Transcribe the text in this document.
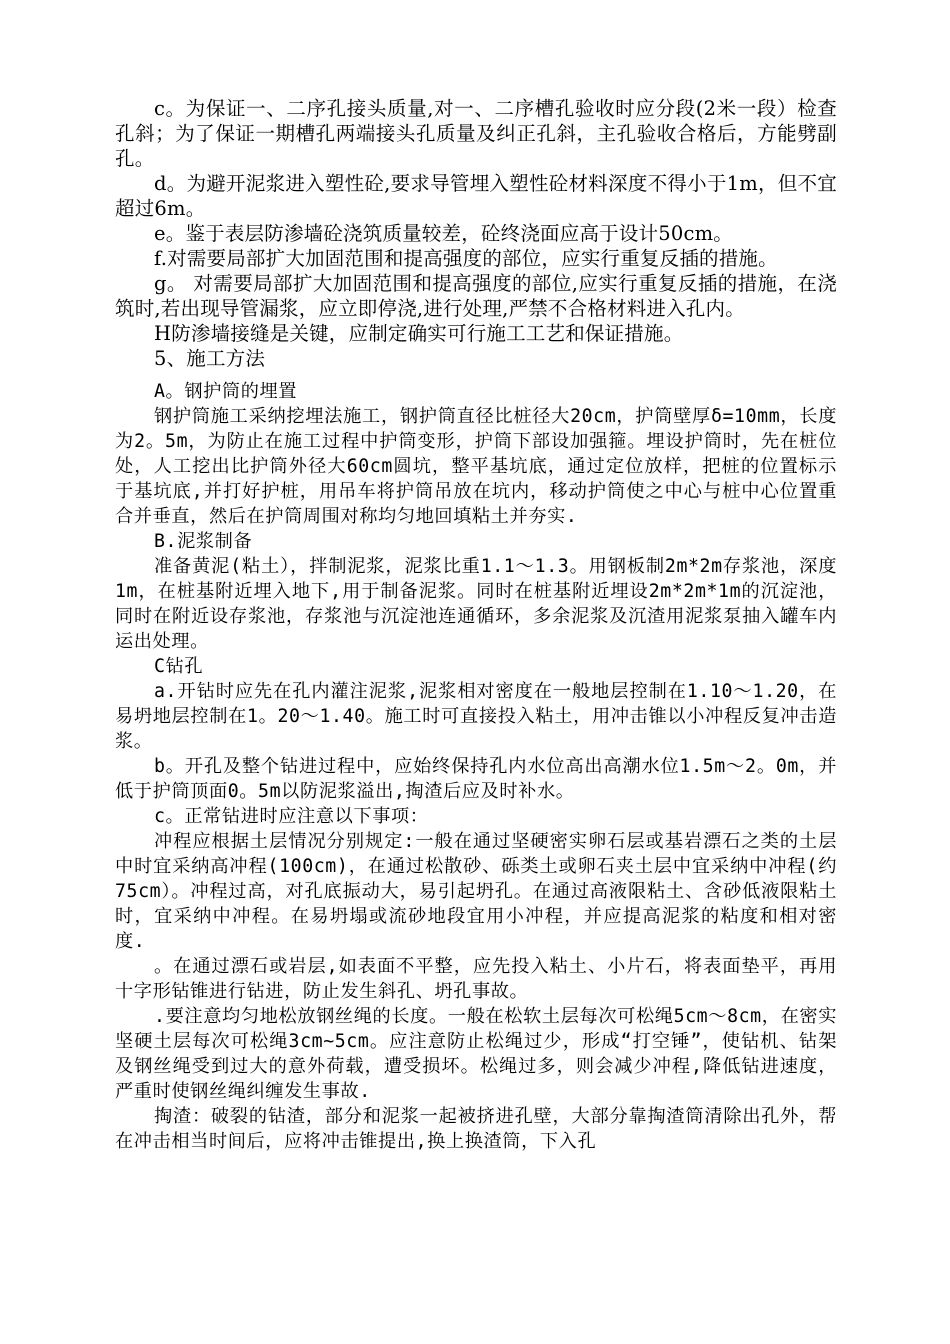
c。为保证一、二序孔接头质量,对一、二序槽孔验收时应分段(2米一段）检查孔斜；为了保证一期槽孔两端接头孔质量及纠正孔斜，主孔验收合格后，方能劈副孔。

d。为避开泥浆进入塑性砼,要求导管埋入塑性砼材料深度不得小于1m，但不宜超过6m。

e。鉴于表层防渗墙砼浇筑质量较差，砼终浇面应高于设计50cm。

f.对需要局部扩大加固范围和提高强度的部位，应实行重复反插的措施。

g。 对需要局部扩大加固范围和提高强度的部位,应实行重复反插的措施，在浇筑时,若出现导管漏浆，应立即停浇,进行处理,严禁不合格材料进入孔内。

H防渗墙接缝是关键，应制定确实可行施工工艺和保证措施。

5、施工方法

A。钢护筒的埋置

钢护筒施工采纳挖埋法施工，钢护筒直径比桩径大20cm，护筒壁厚δ=10mm，长度为2。5m，为防止在施工过程中护筒变形，护筒下部设加强箍。埋设护筒时，先在桩位处，人工挖出比护筒外径大60cm圆坑，整平基坑底，通过定位放样，把桩的位置标示于基坑底,并打好护桩，用吊车将护筒吊放在坑内，移动护筒使之中心与桩中心位置重合并垂直，然后在护筒周围对称均匀地回填粘土并夯实.

B.泥浆制备

准备黄泥(粘土），拌制泥浆，泥浆比重1.1～1.3。用钢板制2m*2m存浆池，深度1m，在桩基附近埋入地下,用于制备泥浆。同时在桩基附近埋设2m*2m*1m的沉淀池，同时在附近设存浆池，存浆池与沉淀池连通循环，多余泥浆及沉渣用泥浆泵抽入罐车内运出处理。

C钻孔

a.开钻时应先在孔内灌注泥浆,泥浆相对密度在一般地层控制在1.10～1.20，在易坍地层控制在1。20～1.40。施工时可直接投入粘土，用冲击锥以小冲程反复冲击造浆。

b。开孔及整个钻进过程中，应始终保持孔内水位高出高潮水位1.5m～2。0m，并低于护筒顶面0。5m以防泥浆溢出,掏渣后应及时补水。

c。正常钻进时应注意以下事项：

冲程应根据土层情况分别规定:一般在通过坚硬密实卵石层或基岩漂石之类的土层中时宜采纳高冲程(100cm)，在通过松散砂、砾类土或卵石夹土层中宜采纳中冲程(约75cm）。冲程过高，对孔底振动大，易引起坍孔。在通过高液限粘土、含砂低液限粘土时，宜采纳中冲程。在易坍塌或流砂地段宜用小冲程，并应提高泥浆的粘度和相对密度.

。在通过漂石或岩层,如表面不平整，应先投入粘土、小片石，将表面垫平，再用十字形钻锥进行钻进，防止发生斜孔、坍孔事故。

.要注意均匀地松放钢丝绳的长度。一般在松软土层每次可松绳5cm～8cm，在密实坚硬土层每次可松绳3cm~5cm。应注意防止松绳过少，形成“打空锤”，使钻机、钻架及钢丝绳受到过大的意外荷载，遭受损坏。松绳过多，则会减少冲程,降低钻进速度，严重时使钢丝绳纠缠发生事故.

掏渣：破裂的钻渣，部分和泥浆一起被挤进孔壁，大部分靠掏渣筒清除出孔外，帮在冲击相当时间后，应将冲击锥提出,换上换渣筒，下入孔
